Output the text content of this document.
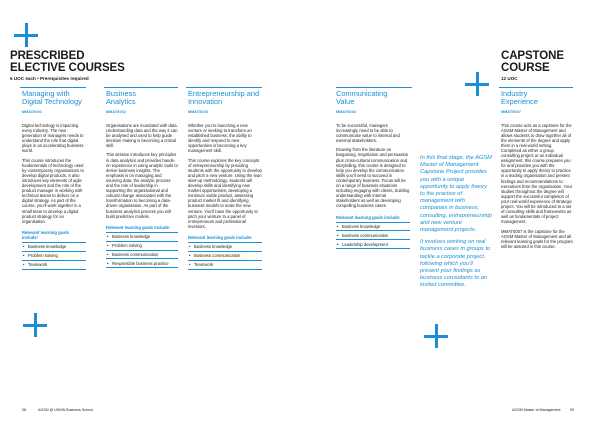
PRESCRIBED
ELECTIVE COURSES
6 UOC each • Prerequisites required
CAPSTONE
COURSE
12 UOC
Managing with Digital Technology
MMAT5001

Digital technology is impacting every industry. The next generation of managers needs to understand the role that digital plays in an accelerating business world.

This course introduces the fundamentals of technology used by contemporary organisations to develop digital products. It also introduces key elements of agile development and the role of the product manager in working with technical teams to deliver on a digital strategy. As part of the course, you’ll work together in a small team to develop a digital product strategy for an organisation.

Relevant learning goals include:
• Business knowledge
• Problem solving
• Teamwork
Business Analytics
MMAT5002

Organisations are inundated with data. Understanding data and the way it can be analysed and used to help guide decision making is becoming a critical skill.

This session introduces key principles in data analytics and provides hands-on experience in using analytic tools to derive business insights. The emphasis is on managing and sourcing data, the analytic process and the role of leadership in supporting the organisational and cultural change associated with the transformation to becoming a data-driven organisation. As part of the business analytics process you will build predictive models.

Relevant learning goals include:
• Business knowledge
• Problem solving
• Business communication
• Responsible business practice
Entrepreneurship and Innovation
MMAT5003

Whether you’re launching a new venture or seeking to transform an established business, the ability to identify and respond to new opportunities is becoming a key management skill.

This course explores the key concepts of entrepreneurship by providing students with the opportunity to develop and pitch a new venture. Using the lean start-up methodology, students will develop skills and identifying new market opportunities, developing a minimum viable product, assessing product market fit and identifying business models to scale the new venture. You’ll have the opportunity to pitch your venture to a panel of entrepreneurs and professional investors.

Relevant learning goals include:
• Business knowledge
• Business communication
• Teamwork
Communicating Value
MMAT5004

To be successful, managers increasingly need to be able to communicate value to internal and external stakeholders.

Drawing from the literature on bargaining, negotiation and persuasion plus cross-cultural communication and storytelling, this course is designed to help you develop the communication skills you’ll need to succeed in contemporary business. Focus will be on a range of business situations including engaging with clients, building understanding with internal stakeholders as well as developing compelling business cases.

Relevant learning goals include:
• Business knowledge
• Business communication
• Leadership development
Industry Experience
MMAT5007

This course acts as a capstone for the AGSM Master of Management and allows students to draw together all of the elements of the degree and apply them in a real-world setting. Completed as either a group consulting project or an individual assignment, this course prepares you for and provides you with the opportunity to apply theory to practice in a leading organisation and present findings and recommendations to executives from the organisation. Your studies throughout the degree will support the successful completion of your real-world experience of strategic project. You will be introduced to a set of consulting skills and frameworks as well as fundamentals of project management.

MMAT5007 is the capstone for the AGSM Master of Management and all relevant learning goals for the program will be assured in this course.

In this final stage, the AGSM Master of Management Capstone Project provides you with a unique opportunity to apply theory to the practice of management with companies in business, consulting, entrepreneurship and new venture management projects.

It involves working on real business cases in groups to tackle a corporate project, following which you’ll present your findings as business consultants to an invited committee.

58	AGSM @ UNSW Business School	AGSM Master of Management	59
